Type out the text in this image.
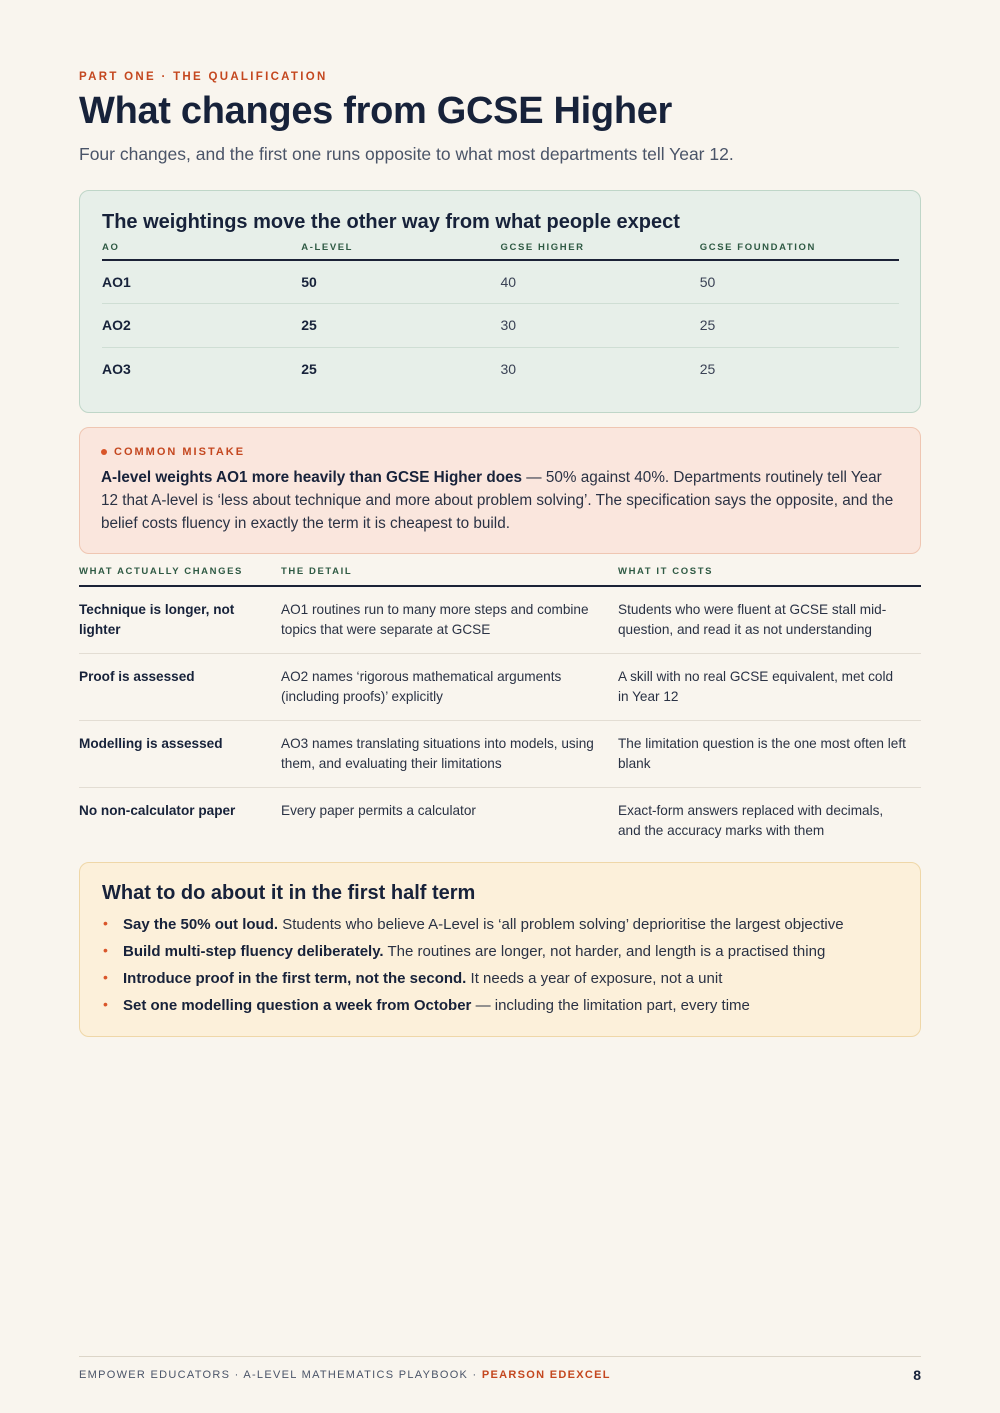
PART ONE · THE QUALIFICATION
What changes from GCSE Higher
Four changes, and the first one runs opposite to what most departments tell Year 12.
The weightings move the other way from what people expect
AO	A-LEVEL	GCSE HIGHER	GCSE FOUNDATION
AO1	50	40	50
AO2	25	30	25
AO3	25	30	25
COMMON MISTAKE

A-level weights AO1 more heavily than GCSE Higher does — 50% against 40%. Departments routinely tell Year 12 that A-level is ‘less about technique and more about problem solving’. The specification says the opposite, and the belief costs fluency in exactly the term it is cheapest to build.

WHAT ACTUALLY CHANGES	THE DETAIL	WHAT IT COSTS
Technique is longer, not lighter	AO1 routines run to many more steps and combine topics that were separate at GCSE	Students who were fluent at GCSE stall mid-question, and read it as not understanding
Proof is assessed	AO2 names ‘rigorous mathematical arguments (including proofs)’ explicitly	A skill with no real GCSE equivalent, met cold in Year 12
Modelling is assessed	AO3 names translating situations into models, using them, and evaluating their limitations	The limitation question is the one most often left blank
No non-calculator paper	Every paper permits a calculator	Exact-form answers replaced with decimals, and the accuracy marks with them
What to do about it in the first half term
• Say the 50% out loud. Students who believe A-Level is ‘all problem solving’ deprioritise the largest objective
• Build multi-step fluency deliberately. The routines are longer, not harder, and length is a practised thing
• Introduce proof in the first term, not the second. It needs a year of exposure, not a unit
• Set one modelling question a week from October — including the limitation part, every time
EMPOWER EDUCATORS · A-LEVEL MATHEMATICS PLAYBOOK · PEARSON EDEXCEL	8
